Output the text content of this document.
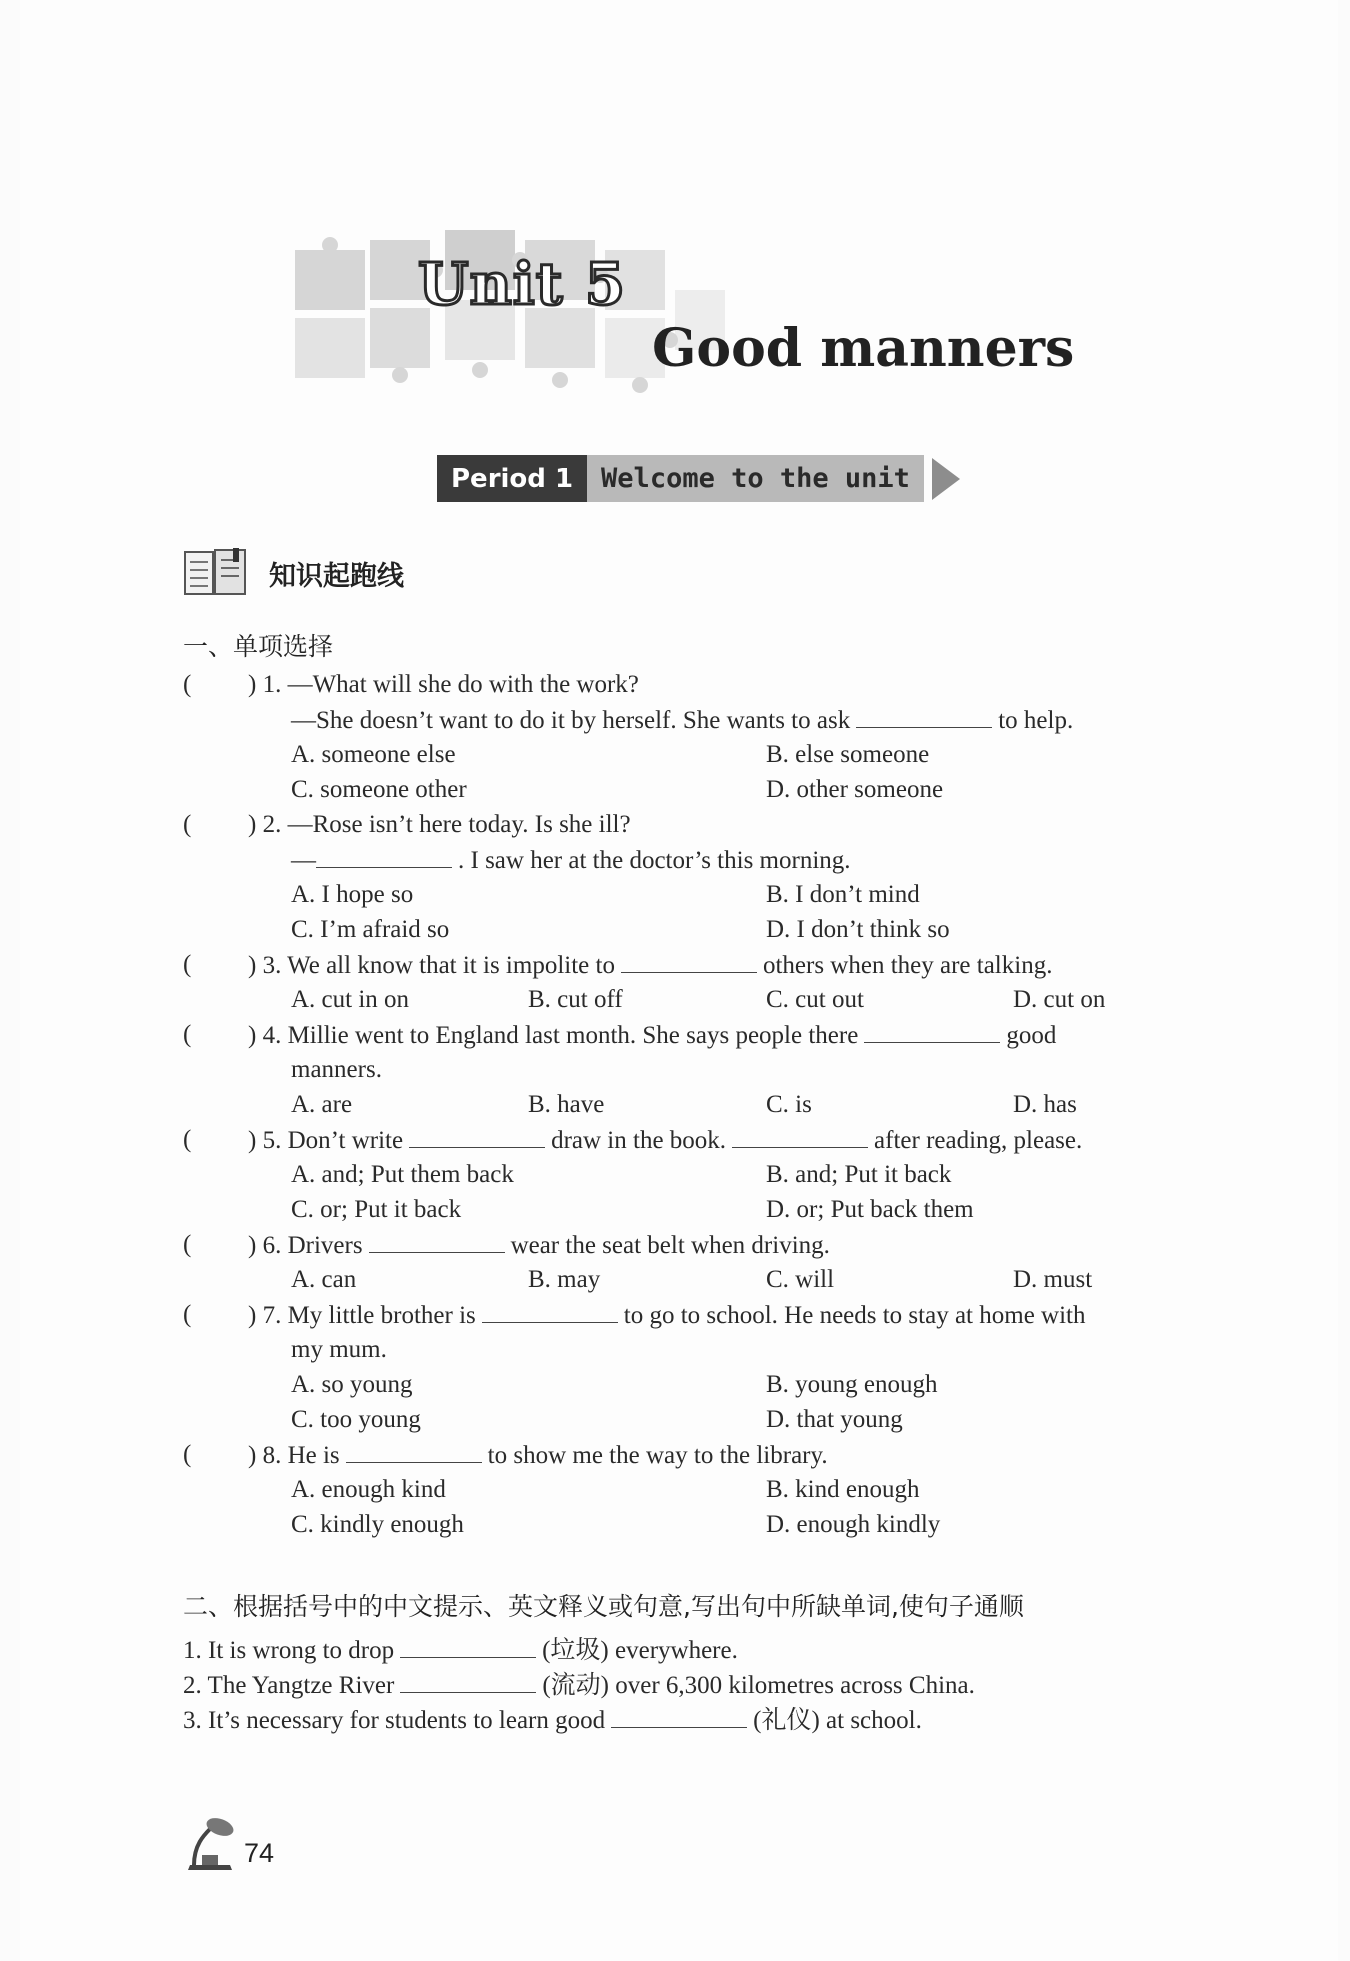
Unit 5
Good manners
Period 1	Welcome to the unit
知识起跑线
一、单项选择
( ) 1. —What will she do with the work?
—She doesn’t want to do it by herself. She wants to ask	to help.
A. someone else	B. else someone
C. someone other	D. other someone
( ) 2. —Rose isn’t here today. Is she ill?
—	. I saw her at the doctor’s this morning.
A. I hope so	B. I don’t mind
C. I’m afraid so	D. I don’t think so
( ) 3. We all know that it is impolite to	others when they are talking.
A. cut in on	B. cut off	C. cut out	D. cut on
( ) 4. Millie went to England last month. She says people there	good
manners.
A. are	B. have	C. is	D. has
( ) 5. Don’t write	draw in the book.	after reading, please.
A. and; Put them back	B. and; Put it back
C. or; Put it back	D. or; Put back them
( ) 6. Drivers	wear the seat belt when driving.
A. can	B. may	C. will	D. must
( ) 7. My little brother is	to go to school. He needs to stay at home with
my mum.
A. so young	B. young enough
C. too young	D. that young
( ) 8. He is	to show me the way to the library.
A. enough kind	B. kind enough
C. kindly enough	D. enough kindly
二、根据括号中的中文提示、英文释义或句意,写出句中所缺单词,使句子通顺
1. It is wrong to drop	(垃圾) everywhere.
2. The Yangtze River	(流动) over 6,300 kilometres across China.
3. It’s necessary for students to learn good	(礼仪) at school.
74
